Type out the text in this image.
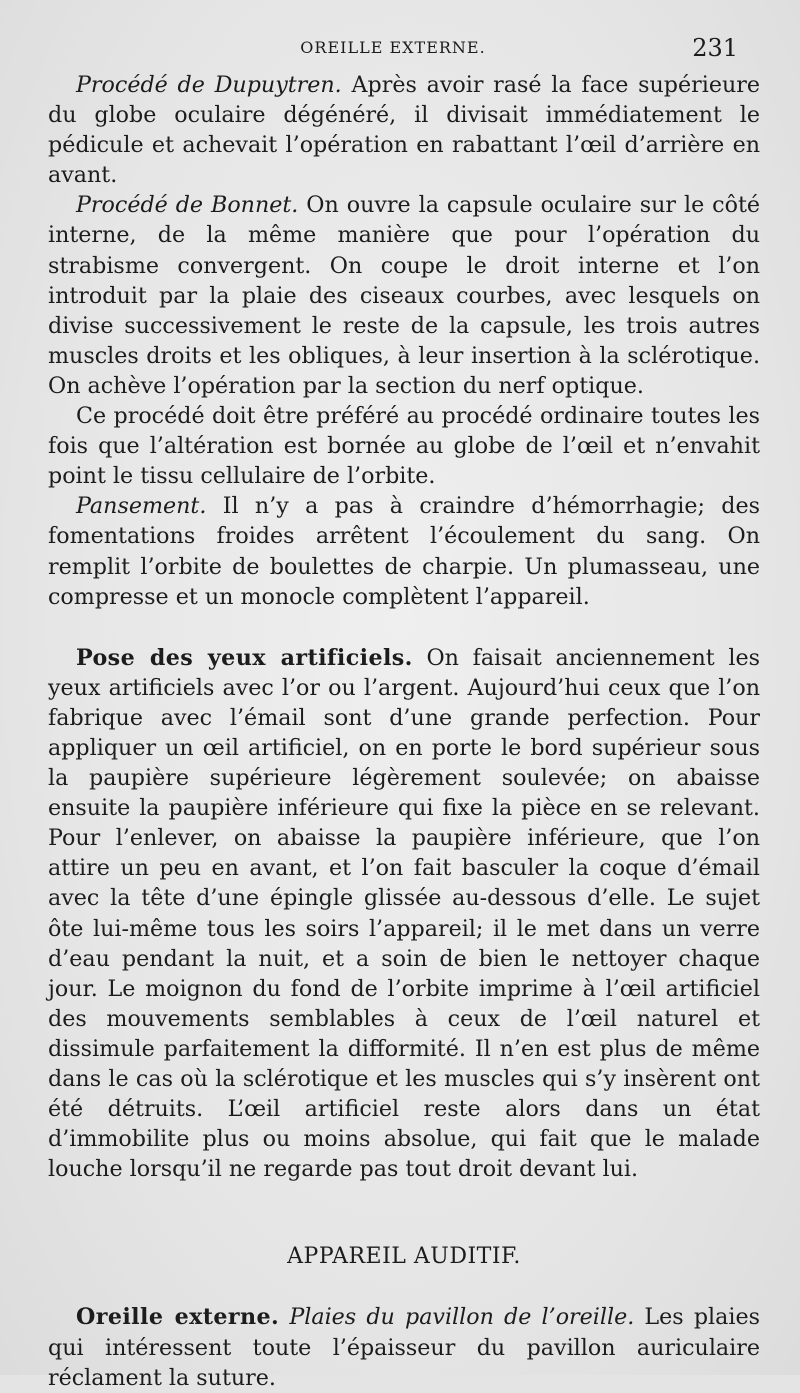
OREILLE EXTERNE.	231

Procédé de Dupuytren. Après avoir rasé la face supérieure du globe oculaire dégénéré, il divisait immédiatement le pédicule et achevait l’opération en rabattant l’œil d’arrière en avant.

Procédé de Bonnet. On ouvre la capsule oculaire sur le côté interne, de la même manière que pour l’opération du strabisme convergent. On coupe le droit interne et l’on introduit par la plaie des ciseaux courbes, avec lesquels on divise successivement le reste de la capsule, les trois autres muscles droits et les obliques, à leur insertion à la sclérotique. On achève l’opération par la section du nerf optique.

Ce procédé doit être préféré au procédé ordinaire toutes les fois que l’altération est bornée au globe de l’œil et n’envahit point le tissu cellulaire de l’orbite.

Pansement. Il n’y a pas à craindre d’hémorrhagie; des fomentations froides arrêtent l’écoulement du sang. On remplit l’orbite de boulettes de charpie. Un plumasseau, une compresse et un monocle complètent l’appareil.

Pose des yeux artificiels. On faisait anciennement les yeux artificiels avec l’or ou l’argent. Aujourd’hui ceux que l’on fabrique avec l’émail sont d’une grande perfection. Pour appliquer un œil artificiel, on en porte le bord supérieur sous la paupière supérieure légèrement soulevée; on abaisse ensuite la paupière inférieure qui fixe la pièce en se relevant. Pour l’enlever, on abaisse la paupière inférieure, que l’on attire un peu en avant, et l’on fait basculer la coque d’émail avec la tête d’une épingle glissée au-dessous d’elle. Le sujet ôte lui-même tous les soirs l’appareil; il le met dans un verre d’eau pendant la nuit, et a soin de bien le nettoyer chaque jour. Le moignon du fond de l’orbite imprime à l’œil artificiel des mouvements semblables à ceux de l’œil naturel et dissimule parfaitement la difformité. Il n’en est plus de même dans le cas où la sclérotique et les muscles qui s’y insèrent ont été détruits. L’œil artificiel reste alors dans un état d’immobilite plus ou moins absolue, qui fait que le malade louche lorsqu’il ne regarde pas tout droit devant lui.

APPAREIL AUDITIF.

Oreille externe. Plaies du pavillon de l’oreille. Les plaies qui intéressent toute l’épaisseur du pavillon auriculaire réclament la suture.
